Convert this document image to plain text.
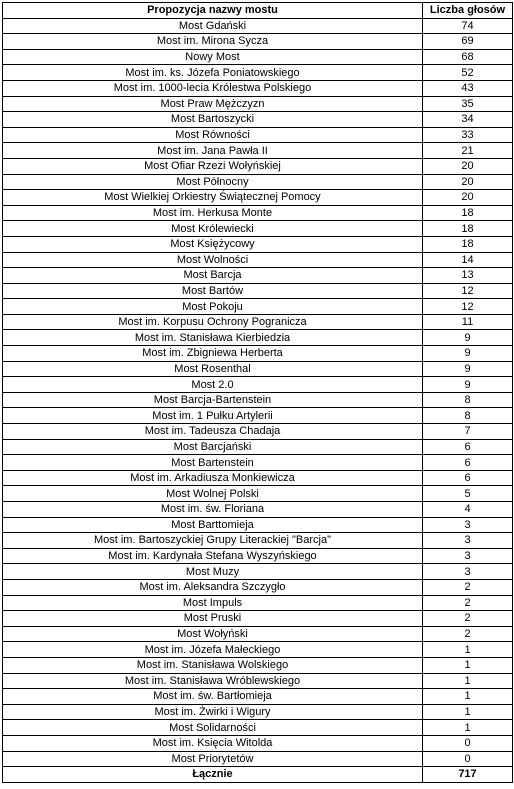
Propozycja nazwy mostu	Liczba głosów
Most Gdański	74
Most im. Mirona Sycza	69
Nowy Most	68
Most im. ks. Józefa Poniatowskiego	52
Most im. 1000-lecia Królestwa Polskiego	43
Most Praw Mężczyzn	35
Most Bartoszycki	34
Most Równości	33
Most im. Jana Pawła II	21
Most Ofiar Rzezi Wołyńskiej	20
Most Północny	20
Most Wielkiej Orkiestry Świątecznej Pomocy	20
Most im. Herkusa Monte	18
Most Królewiecki	18
Most Księżycowy	18
Most Wolności	14
Most Barcja	13
Most Bartów	12
Most Pokoju	12
Most im. Korpusu Ochrony Pogranicza	11
Most im. Stanisława Kierbiedzia	9
Most im. Zbigniewa Herberta	9
Most Rosenthal	9
Most 2.0	9
Most Barcja-Bartenstein	8
Most im. 1 Pułku Artylerii	8
Most im. Tadeusza Chadaja	7
Most Barcjański	6
Most Bartenstein	6
Most im. Arkadiusza Monkiewicza	6
Most Wolnej Polski	5
Most im. św. Floriana	4
Most Barttomieja	3
Most im. Bartoszyckiej Grupy Literackiej "Barcja"	3
Most im. Kardynała Stefana Wyszyńskiego	3
Most Muzy	3
Most im. Aleksandra Szczygło	2
Most Impuls	2
Most Pruski	2
Most Wołyński	2
Most im. Józefa Małeckiego	1
Most im. Stanisława Wolskiego	1
Most im. Stanisława Wróblewskiego	1
Most im. św. Bartłomieja	1
Most im. Żwirki i Wigury	1
Most Solidarności	1
Most im. Księcia Witolda	0
Most Priorytetów	0
Łącznie	717
